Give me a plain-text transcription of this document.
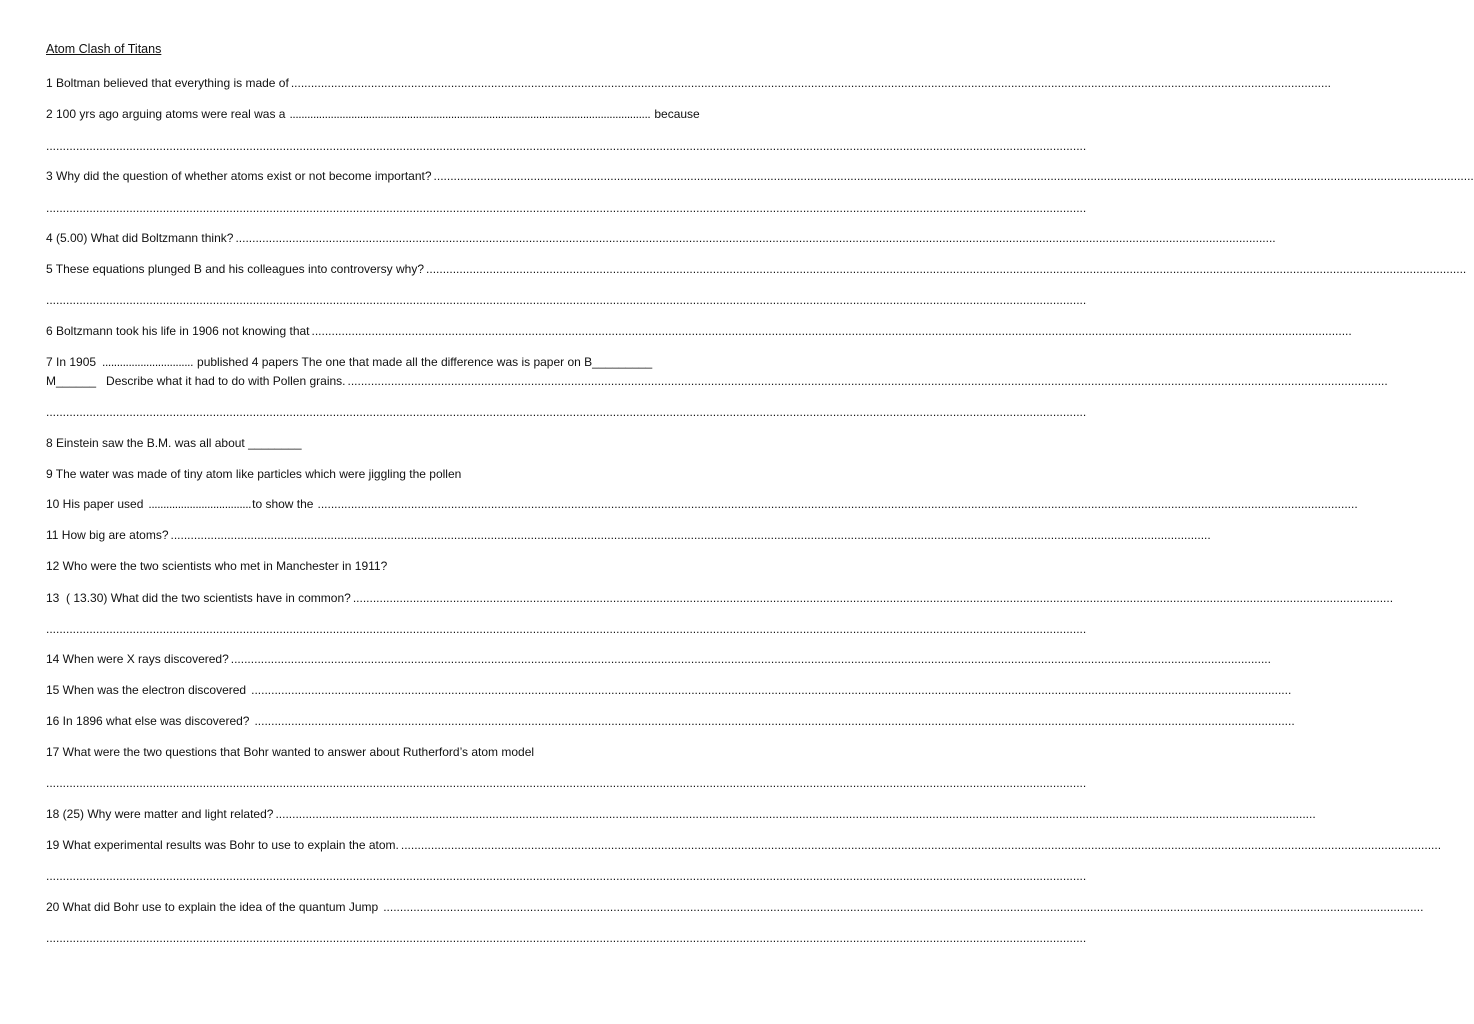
Atom Clash of Titans
1 Boltman believed that everything is made of
.....
2 100 yrs ago arguing atoms were real was a ........................................................................................................................... because
.....
3 Why did the question of whether atoms exist or not become important?
.....
.....
4 (5.00) What did Boltzmann think?
.....
5 These equations plunged B and his colleagues into controversy why?
.....
.....
6 Boltzmann took his life in 1906 not knowing that
.....
7 In 1905 ............................... published 4 papers The one that made all the difference was is paper on B_________
M______   Describe what it had to do with Pollen grains.
.....
.....
8 Einstein saw the B.M. was all about ________
9 The water was made of tiny atom like particles which were jiggling the pollen
10 His paper used ................................... to show the
.....
11 How big are atoms?
.....
12 Who were the two scientists who met in Manchester in 1911?
13  ( 13.30) What did the two scientists have in common?
.....
.....
14 When were X rays discovered?
.....
15 When was the electron discovered
.....
16 In 1896 what else was discovered?
.....
17 What were the two questions that Bohr wanted to answer about Rutherford’s atom model
.....
18 (25) Why were matter and light related?
.....
19 What experimental results was Bohr to use to explain the atom.
.....
.....
20 What did Bohr use to explain the idea of the quantum Jump
.....
.....
